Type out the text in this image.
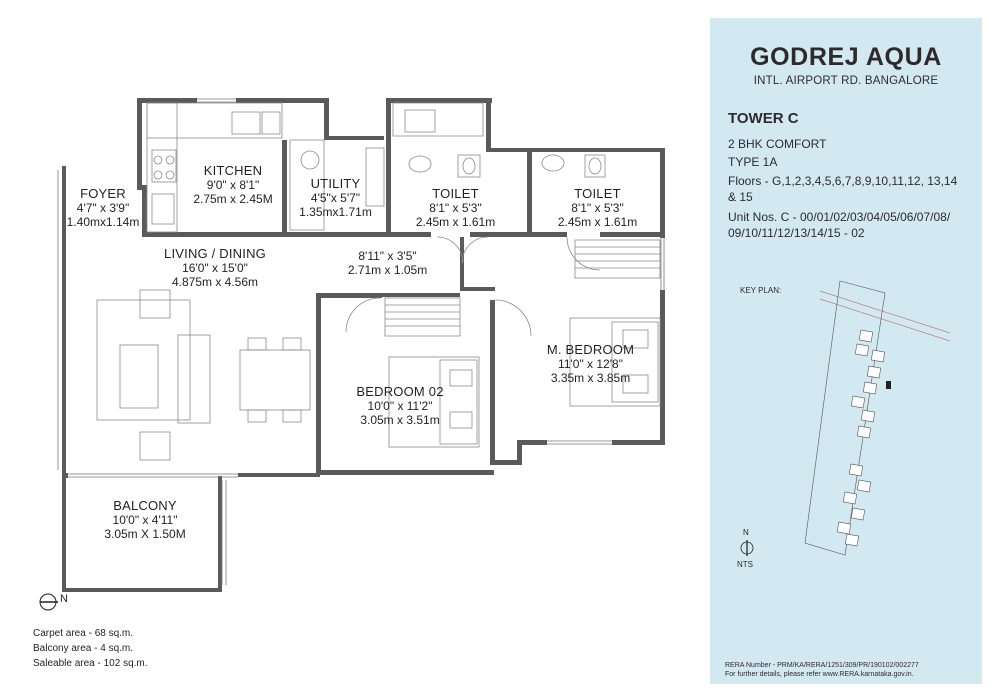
KITCHEN
9'0" x 8'1"
2.75m x 2.45M
UTILITY
4'5"x 5'7"
1.35mx1.71m
TOILET
8'1" x 5'3"
2.45m x 1.61m
TOILET
8'1" x 5'3"
2.45m x 1.61m
FOYER
4'7" x 3'9"
1.40mx1.14m
LIVING / DINING
16'0" x 15'0"
4.875m x 4.56m
8'11" x 3'5"
2.71m x 1.05m
M. BEDROOM
11'0" x 12'8"
3.35m x 3.85m
BEDROOM 02
10'0" x 11'2"
3.05m x 3.51m
BALCONY
10'0" x 4'11"
3.05m X 1.50M
N
Carpet area - 68 sq.m.
Balcony area - 4 sq.m.
Saleable area - 102 sq.m.
GODREJ AQUA
INTL. AIRPORT RD. BANGALORE
TOWER C
2 BHK COMFORT
TYPE 1A
Floors - G,1,2,3,4,5,6,7,8,9,10,11,12, 13,14
& 15
Unit Nos. C - 00/01/02/03/04/05/06/07/08/
09/10/11/12/13/14/15 - 02
KEY PLAN:
N
NTS
RERA Number - PRM/KA/RERA/1251/309/PR/190102/002277
For further details, please refer www.RERA.karnataka.gov.in.
